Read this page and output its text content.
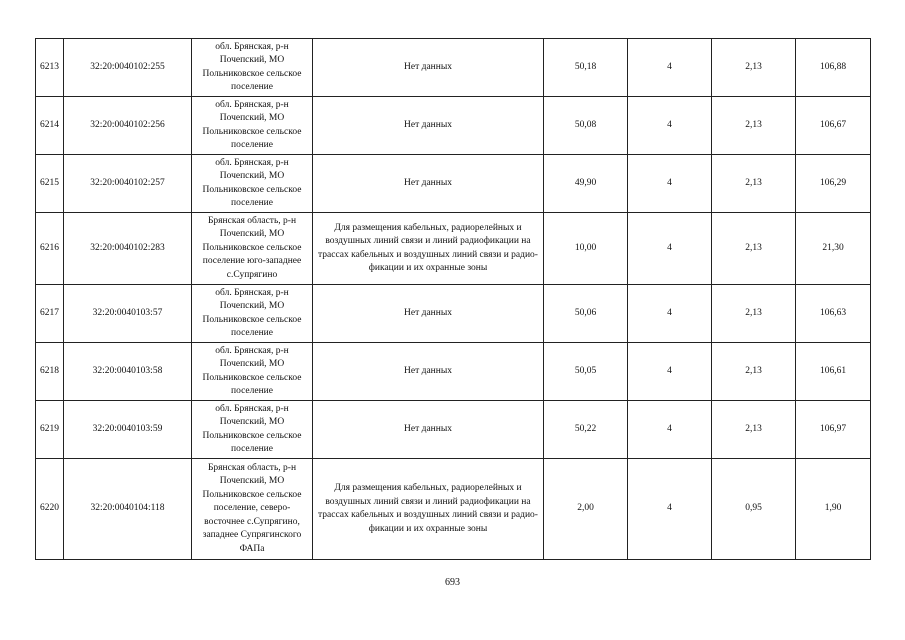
6213	32:20:0040102:255	обл. Брянская, р-н Почепский, МО Польниковское сельское поселение	Нет данных	50,18	4	2,13	106,88
6214	32:20:0040102:256	обл. Брянская, р-н Почепский, МО Польниковское сельское поселение	Нет данных	50,08	4	2,13	106,67
6215	32:20:0040102:257	обл. Брянская, р-н Почепский, МО Польниковское сельское поселение	Нет данных	49,90	4	2,13	106,29
6216	32:20:0040102:283	Брянская область, р-н Почепский, МО Польниковское сельское поселение юго-западнее с.Супрягино	Для размещения кабельных, радиорелейных и воздушных линий связи и линий радиофикации на трассах кабельных и воздушных линий связи и радио-фикации и их охранные зоны	10,00	4	2,13	21,30
6217	32:20:0040103:57	обл. Брянская, р-н Почепский, МО Польниковское сельское поселение	Нет данных	50,06	4	2,13	106,63
6218	32:20:0040103:58	обл. Брянская, р-н Почепский, МО Польниковское сельское поселение	Нет данных	50,05	4	2,13	106,61
6219	32:20:0040103:59	обл. Брянская, р-н Почепский, МО Польниковское сельское поселение	Нет данных	50,22	4	2,13	106,97
6220	32:20:0040104:118	Брянская область, р-н Почепский, МО Польниковское сельское поселение, северо-восточнее с.Супрягино, западнее Супрягинского ФАПа	Для размещения кабельных, радиорелейных и воздушных линий связи и линий радиофикации на трассах кабельных и воздушных линий связи и радио-фикации и их охранные зоны	2,00	4	0,95	1,90
693
